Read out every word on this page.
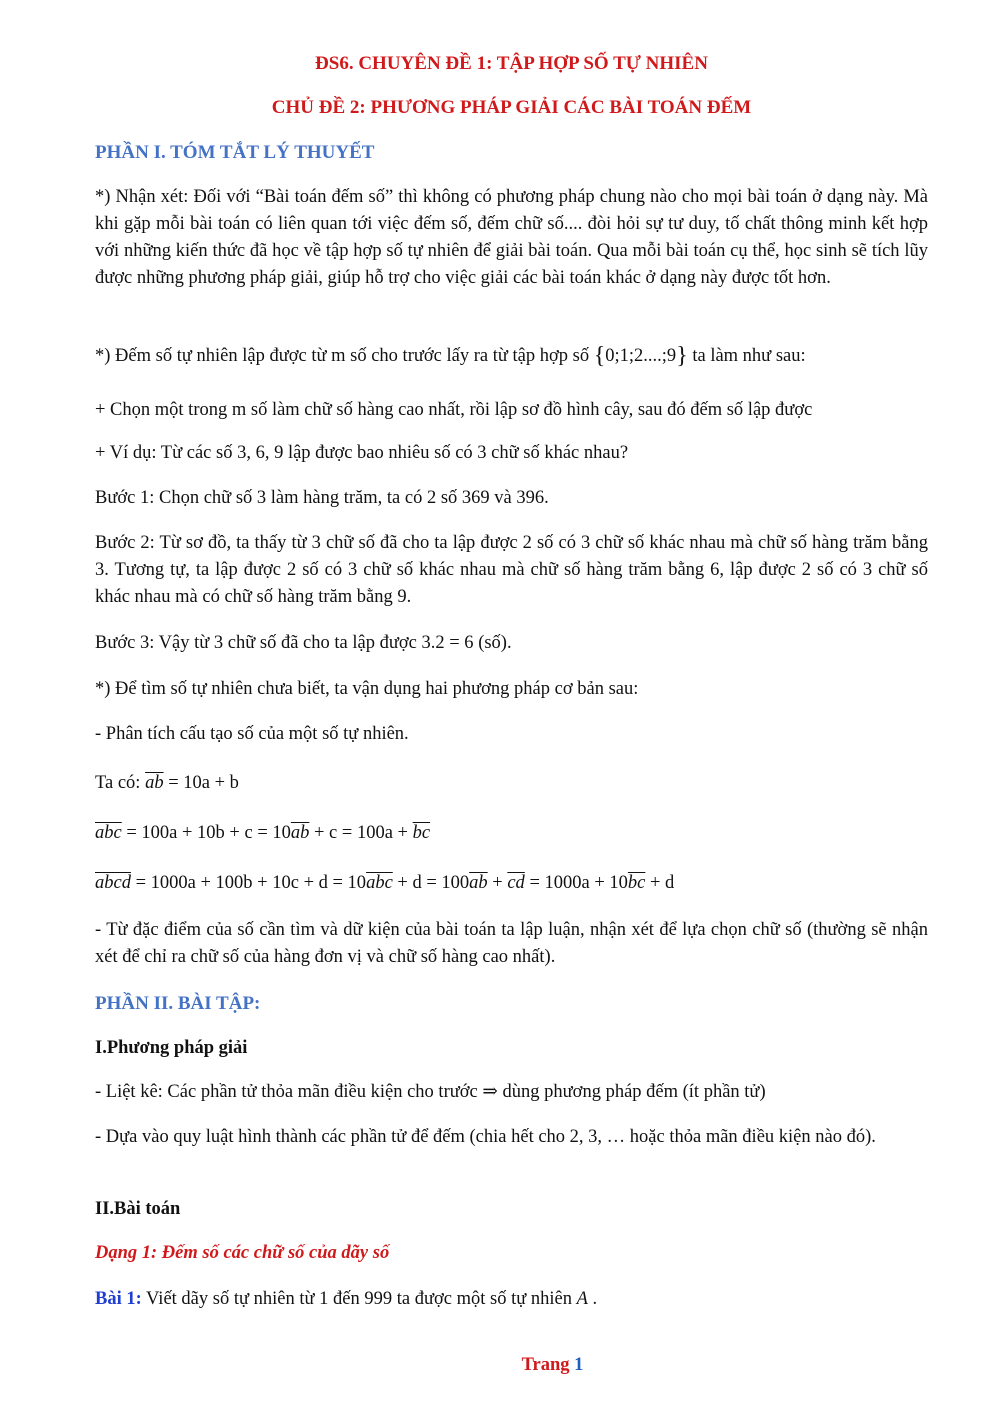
ĐS6. CHUYÊN ĐỀ 1: TẬP HỢP SỐ TỰ NHIÊN

CHỦ ĐỀ 2: PHƯƠNG PHÁP GIẢI CÁC BÀI TOÁN ĐẾM

PHẦN I. TÓM TẮT LÝ THUYẾT

*) Nhận xét: Đối với “Bài toán đếm số” thì không có phương pháp chung nào cho mọi bài toán ở dạng này. Mà khi gặp mỗi bài toán có liên quan tới việc đếm số, đếm chữ số.... đòi hỏi sự tư duy, tố chất thông minh kết hợp với những kiến thức đã học về tập hợp số tự nhiên để giải bài toán. Qua mỗi bài toán cụ thể, học sinh sẽ tích lũy được những phương pháp giải, giúp hỗ trợ cho việc giải các bài toán khác ở dạng này được tốt hơn.

*) Đếm số tự nhiên lập được từ m số cho trước lấy ra từ tập hợp số {0;1;2....;9} ta làm như sau:

+ Chọn một trong m số làm chữ số hàng cao nhất, rồi lập sơ đồ hình cây, sau đó đếm số lập được

+ Ví dụ: Từ các số 3, 6, 9 lập được bao nhiêu số có 3 chữ số khác nhau?

Bước 1: Chọn chữ số 3 làm hàng trăm, ta có 2 số 369 và 396.

Bước 2: Từ sơ đồ, ta thấy từ 3 chữ số đã cho ta lập được 2 số có 3 chữ số khác nhau mà chữ số hàng trăm bằng 3. Tương tự, ta lập được 2 số có 3 chữ số khác nhau mà chữ số hàng trăm bằng 6, lập được 2 số có 3 chữ số khác nhau mà có chữ số hàng trăm bằng 9.

Bước 3: Vậy từ 3 chữ số đã cho ta lập được 3.2 = 6 (số).

*) Để tìm số tự nhiên chưa biết, ta vận dụng hai phương pháp cơ bản sau:

- Phân tích cấu tạo số của một số tự nhiên.

Ta có: $\overline{ab} = 10a + b$

$\overline{abc} = 100a + 10b + c = 10\overline{ab} + c = 100a + \overline{bc}$

abcd = $1000a + 100b + 10c + d = 10\overline{abc} + d = 100\overline{ab} + \overline{cd} = 1000a + 10\overline{bc} + d$

- Từ đặc điểm của số cần tìm và dữ kiện của bài toán ta lập luận, nhận xét để lựa chọn chữ số (thường sẽ nhận xét để chỉ ra chữ số của hàng đơn vị và chữ số hàng cao nhất).

PHẦN II. BÀI TẬP:

I.Phương pháp giải

- Liệt kê: Các phần tử thỏa mãn điều kiện cho trước ⇒ dùng phương pháp đếm (ít phần tử)

- Dựa vào quy luật hình thành các phần tử để đếm (chia hết cho 2, 3, … hoặc thỏa mãn điều kiện nào đó).

II.Bài toán

Dạng 1: Đếm số các chữ số của dãy số

Bài 1: Viết dãy số tự nhiên từ 1 đến 999 ta được một số tự nhiên A .

Trang 1
